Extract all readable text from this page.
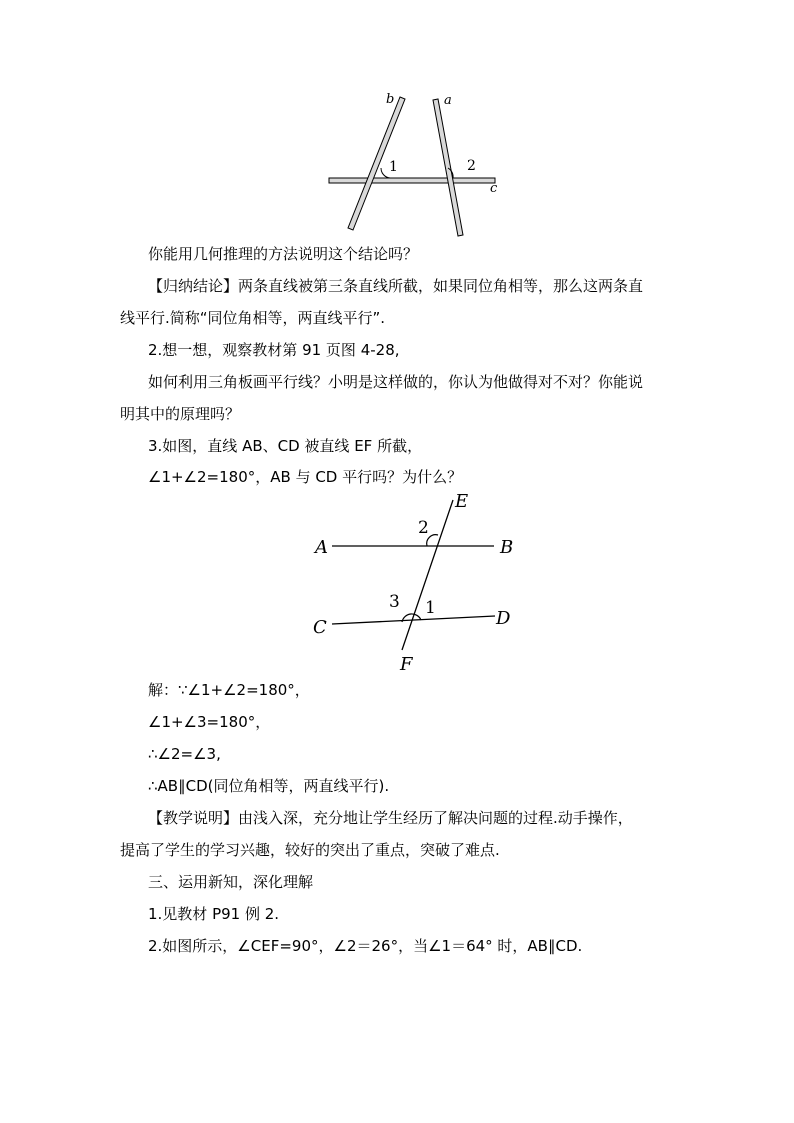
b	a
c
1	2
你能用几何推理的方法说明这个结论吗？
【归纳结论】两条直线被第三条直线所截，如果同位角相等，那么这两条直
线平行.简称“同位角相等，两直线平行”.
2.想一想，观察教材第 91 页图 4-28,
如何利用三角板画平行线？小明是这样做的，你认为他做得对不对？你能说
明其中的原理吗？
3.如图，直线 AB、CD 被直线 EF 所截，
∠1+∠2=180°，AB 与 CD 平行吗？为什么？
E
A	B
C	D
F
2
3 1
解：∵∠1+∠2=180°，
∠1+∠3=180°，
∴∠2=∠3,
∴AB∥CD(同位角相等，两直线平行).
【教学说明】由浅入深，充分地让学生经历了解决问题的过程.动手操作，
提高了学生的学习兴趣，较好的突出了重点，突破了难点.
三、运用新知，深化理解
1.见教材 P91 例 2.
2.如图所示，∠CEF=90°，∠2＝26°，当∠1＝64° 时，AB∥CD.
